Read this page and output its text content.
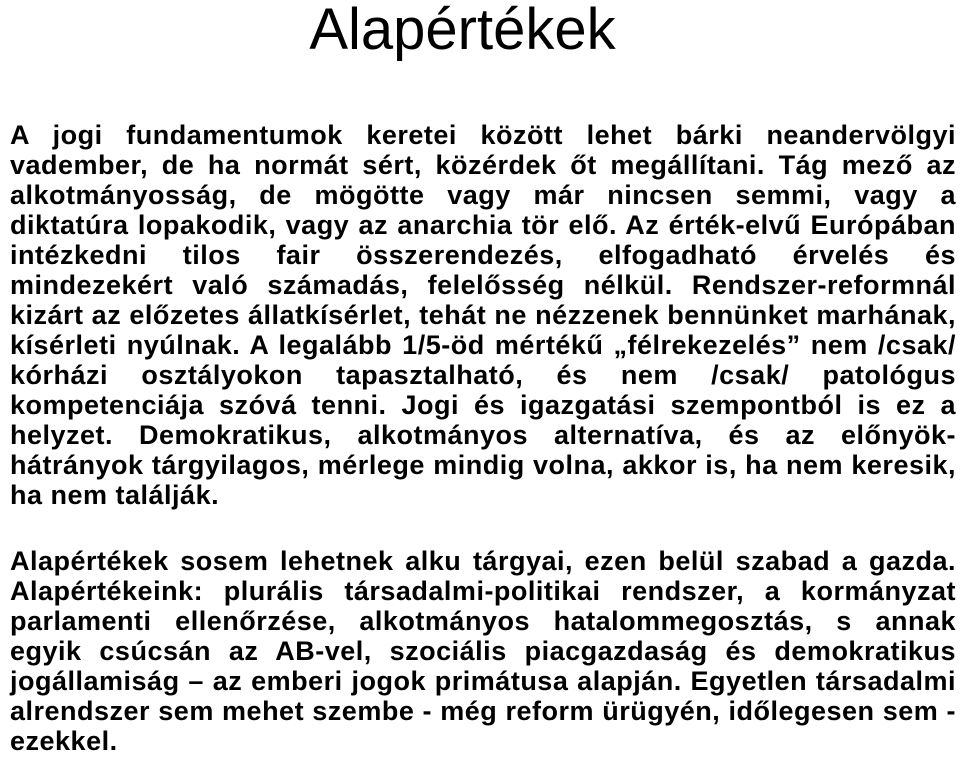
Alapértékek

A jogi fundamentumok keretei között lehet bárki neandervölgyi vadember, de ha normát sért, közérdek őt megállítani. Tág mező az alkotmányosság, de mögötte vagy már nincsen semmi, vagy a diktatúra lopakodik, vagy az anarchia tör elő. Az érték-elvű Európában intézkedni tilos fair összerendezés, elfogadható érvelés és mindezekért való számadás, felelősség nélkül. Rendszer-reformnál kizárt az előzetes állatkísérlet, tehát ne nézzenek bennünket marhának, kísérleti nyúlnak. A legalább 1/5-öd mértékű „félrekezelés” nem /csak/ kórházi osztályokon tapasztalható, és nem /csak/ patológus kompetenciája szóvá tenni. Jogi és igazgatási szempontból is ez a helyzet. Demokratikus, alkotmányos alternatíva, és az előnyök-hátrányok tárgyilagos, mérlege mindig volna, akkor is, ha nem keresik, ha nem találják.

Alapértékek sosem lehetnek alku tárgyai, ezen belül szabad a gazda. Alapértékeink: plurális társadalmi-politikai rendszer, a kormányzat parlamenti ellenőrzése, alkotmányos hatalommegosztás, s annak egyik csúcsán az AB-vel, szociális piacgazdaság és demokratikus jogállamiság – az emberi jogok primátusa alapján. Egyetlen társadalmi alrendszer sem mehet szembe - még reform ürügyén, időlegesen sem - ezekkel.
